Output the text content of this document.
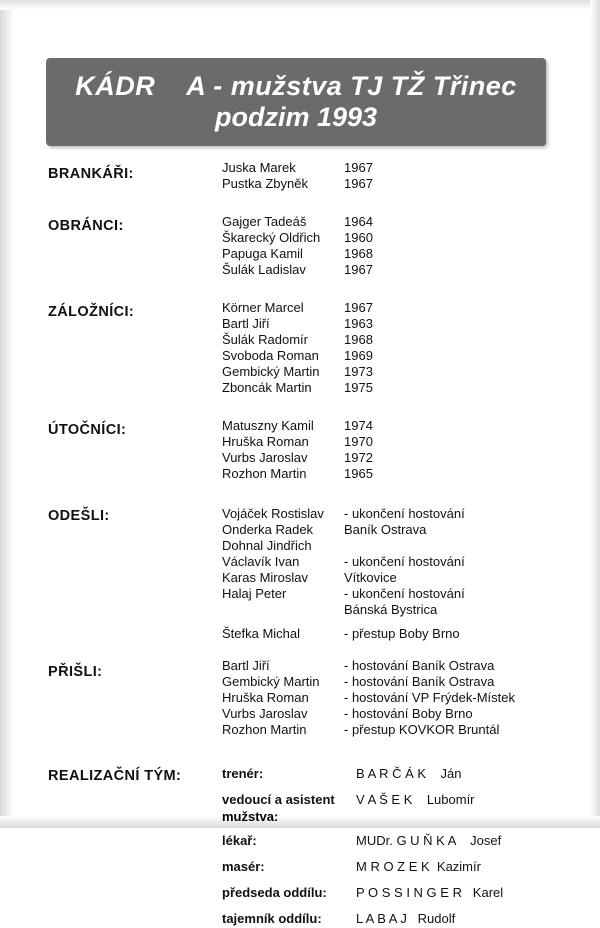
KÁDR    A - mužstva TJ TŽ Třinec
podzim 1993
BRANKÁŘI:	Juska Marek	1967
Pustka Zbyněk	1967
OBRÁNCI:	Gajger Tadeáš	1964
Škarecký Oldřich	1960
Papuga Kamil	1968
Šulák Ladislav	1967
ZÁLOŽNÍCI:	Körner Marcel	1967
Bartl Jiří	1963
Šulák Radomír	1968
Svoboda Roman	1969
Gembický Martin	1973
Zboncák Martin	1975
ÚTOČNÍCI:	Matuszny Kamil	1974
Hruška Roman	1970
Vurbs Jaroslav	1972
Rozhon Martin	1965
ODEŠLI:	Vojáček Rostislav	- ukončení hostování
Onderka Radek	Baník Ostrava
Dohnal Jindřich
Václavík Ivan	- ukončení hostování
Karas Miroslav	Vítkovice
Halaj Peter	- ukončení hostování
Bánská Bystrica
Štefka Michal	- přestup Boby Brno
PŘIŠLI:	Bartl Jiří	- hostování Baník Ostrava
Gembický Martin	- hostování Baník Ostrava
Hruška Roman	- hostování VP Frýdek-Místek
Vurbs Jaroslav	- hostování Boby Brno
Rozhon Martin	- přestup KOVKOR Bruntál
REALIZAČNÍ TÝM:	trenér:	B A R Č Á K    Ján
vedoucí a asistent	V A Š E K    Lubomír
mužstva:
lékař:	MUDr. G U Ň K A    Josef
masér:	M R O Z E K  Kazimír
předseda oddílu:	P O S S I N G E R   Karel
tajemník oddílu:	L A B A J   Rudolf
